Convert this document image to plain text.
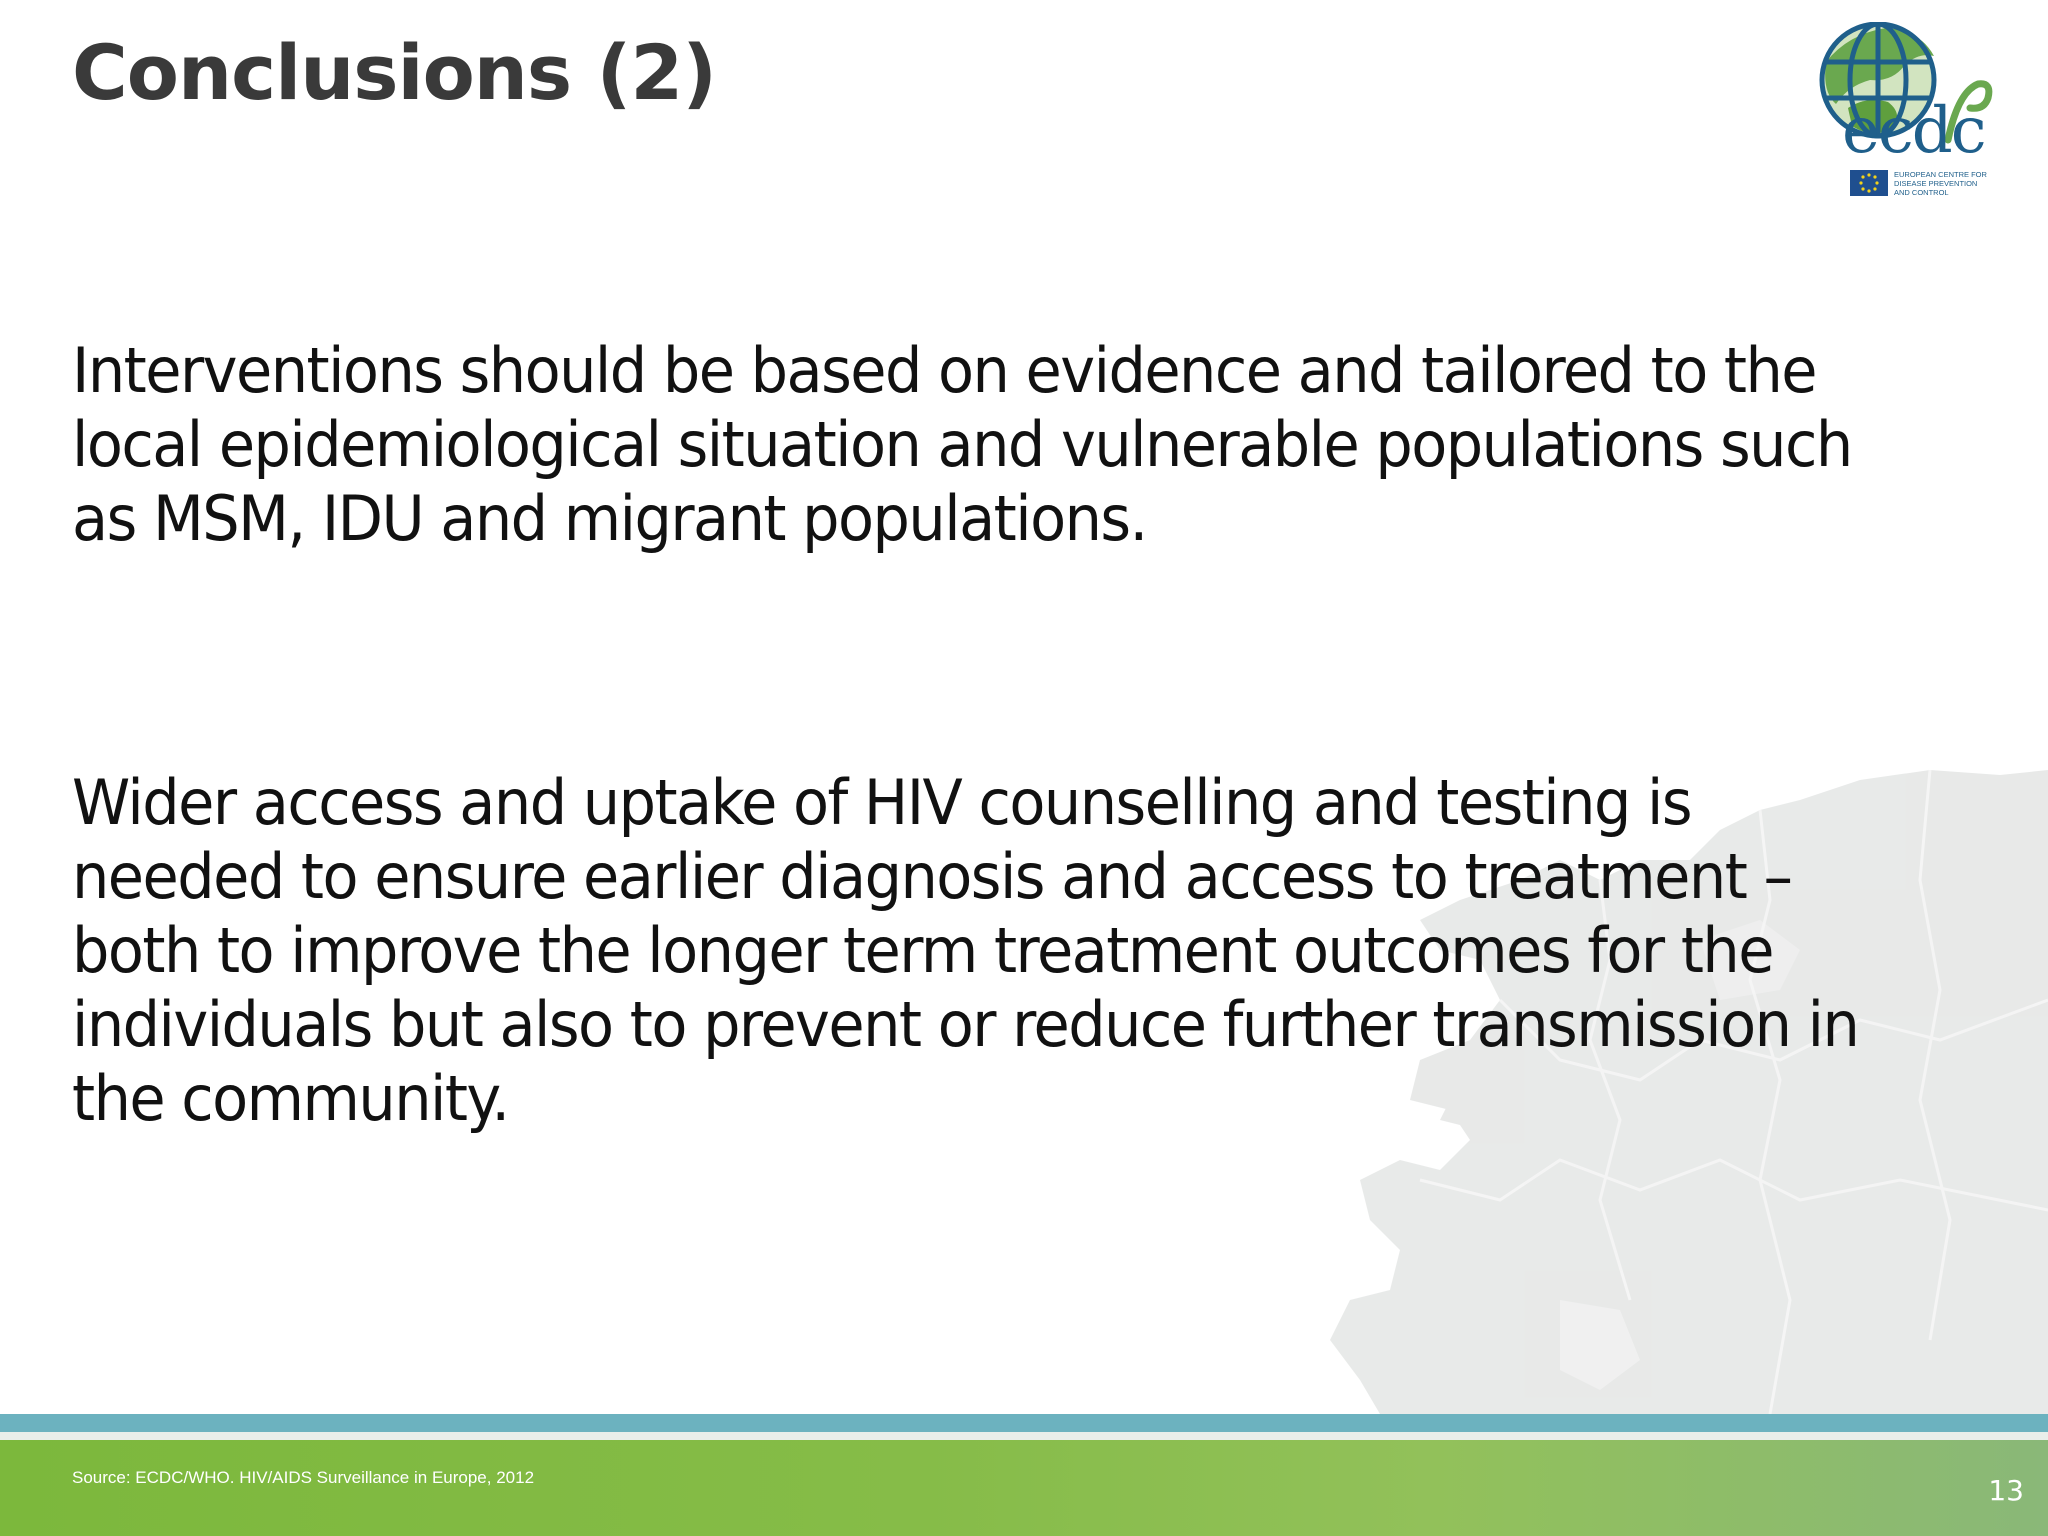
Conclusions (2)
ecdc
EUROPEAN CENTRE FOR
DISEASE PREVENTION
AND CONTROL

Interventions should be based on evidence and tailored to the local epidemiological situation and vulnerable populations such as MSM, IDU and migrant populations.

Wider access and uptake of HIV counselling and testing is needed to ensure earlier diagnosis and access to treatment – both to improve the longer term treatment outcomes for the individuals but also to prevent or reduce further transmission in the community.

Source: ECDC/WHO. HIV/AIDS Surveillance in Europe, 2012	13
